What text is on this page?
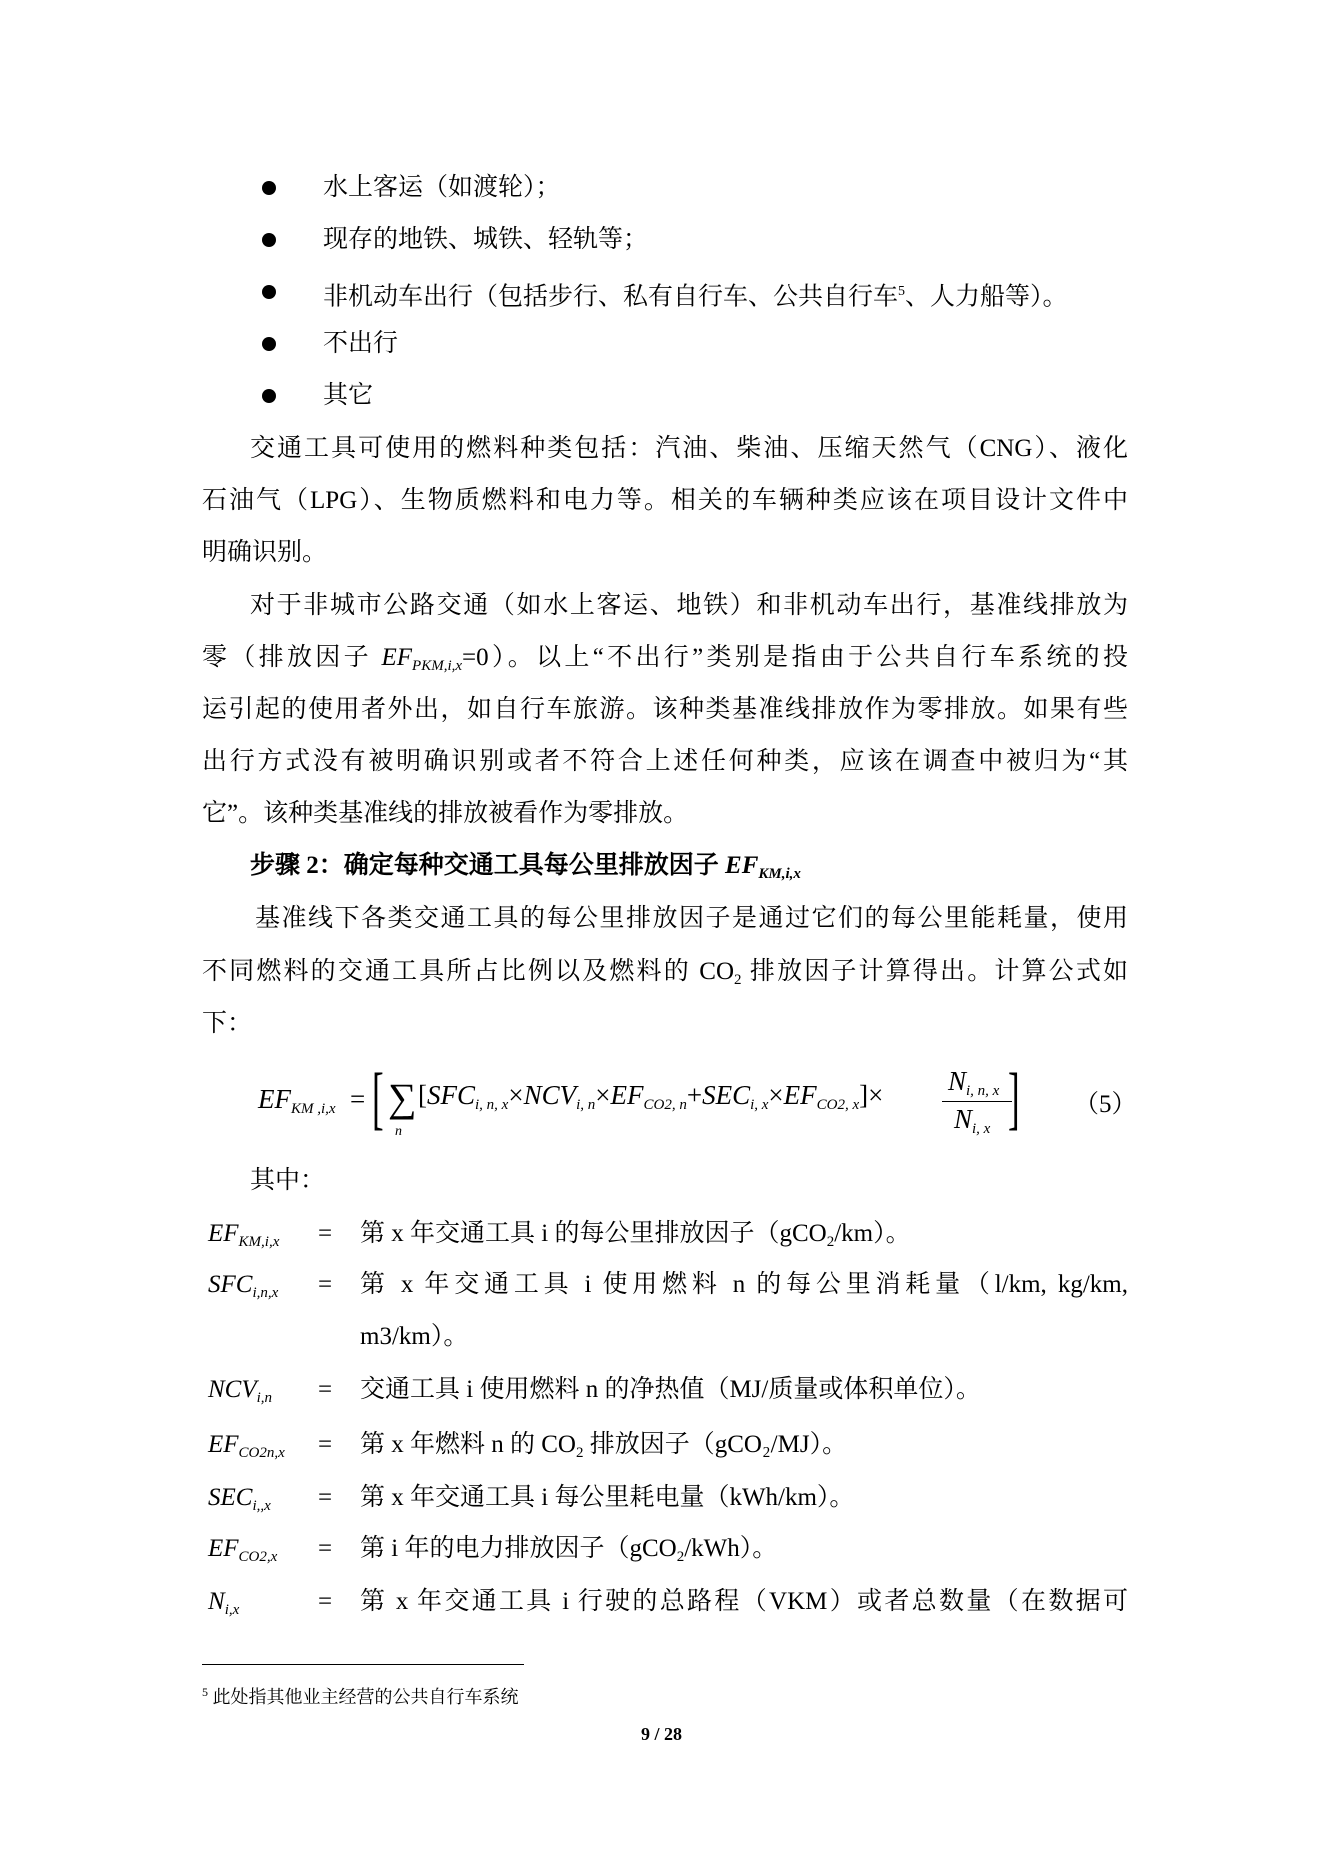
水上客运（如渡轮）；
现存的地铁、城铁、轻轨等；
非机动车出行（包括步行、私有自行车、公共自行车$^5$、人力船等）。
不出行
其它
交通工具可使用的燃料种类包括：汽油、柴油、压缩天然气（CNG）、液化
石油气（LPG）、生物质燃料和电力等。相关的车辆种类应该在项目设计文件中
明确识别。
对于非城市公路交通（如水上客运、地铁）和非机动车出行，基准线排放为
零（排放因子 $EF_{PKM,i,x}=0$）。以上“不出行”类别是指由于公共自行车系统的投
运引起的使用者外出，如自行车旅游。该种类基准线排放作为零排放。如果有些
出行方式没有被明确识别或者不符合上述任何种类，应该在调查中被归为“其
它”。该种类基准线的排放被看作为零排放。
步骤 2：确定每种交通工具每公里排放因子 $EF_{KM,i,x}$
基准线下各类交通工具的每公里排放因子是通过它们的每公里能耗量，使用
不同燃料的交通工具所占比例以及燃料的 $CO_2$ 排放因子计算得出。计算公式如
下：
$EF_{KM ,i,x}$ = [ ∑
n
$[SFC_{i, n, x}\times NCV_{i, n}\times EF_{CO2, n}+SEC_{i, x}\times EF_{CO2, x}]\times N_{i, n, x}$
$N_{i, x}$ ] （5）
其中：
$EF_{KM,i,x}$ = 第 x 年交通工具 i 的每公里排放因子（gCO$_2$/km）。
$SFC_{i,n,x}$ = 第 x 年交通工具 i 使用燃料 n 的每公里消耗量（l/km, kg/km,
m3/km）。
$NCV_{i,n}$ = 交通工具 i 使用燃料 n 的净热值（MJ/质量或体积单位）。
$EF_{CO2n,x}$ = 第 x 年燃料 n 的 $CO_2$ 排放因子（gCO₂/MJ）。
$SEC_{i,,x}$ = 第 x 年交通工具 i 每公里耗电量（kWh/km）。
$EF_{CO2,x}$ = 第 i 年的电力排放因子（gCO$_2$/kWh）。
$N_{i,x}$	= 第 x 年交通工具 i 行驶的总路程（VKM）或者总数量（在数据可
$^5$ 此处指其他业主经营的公共自行车系统
9 / 28
